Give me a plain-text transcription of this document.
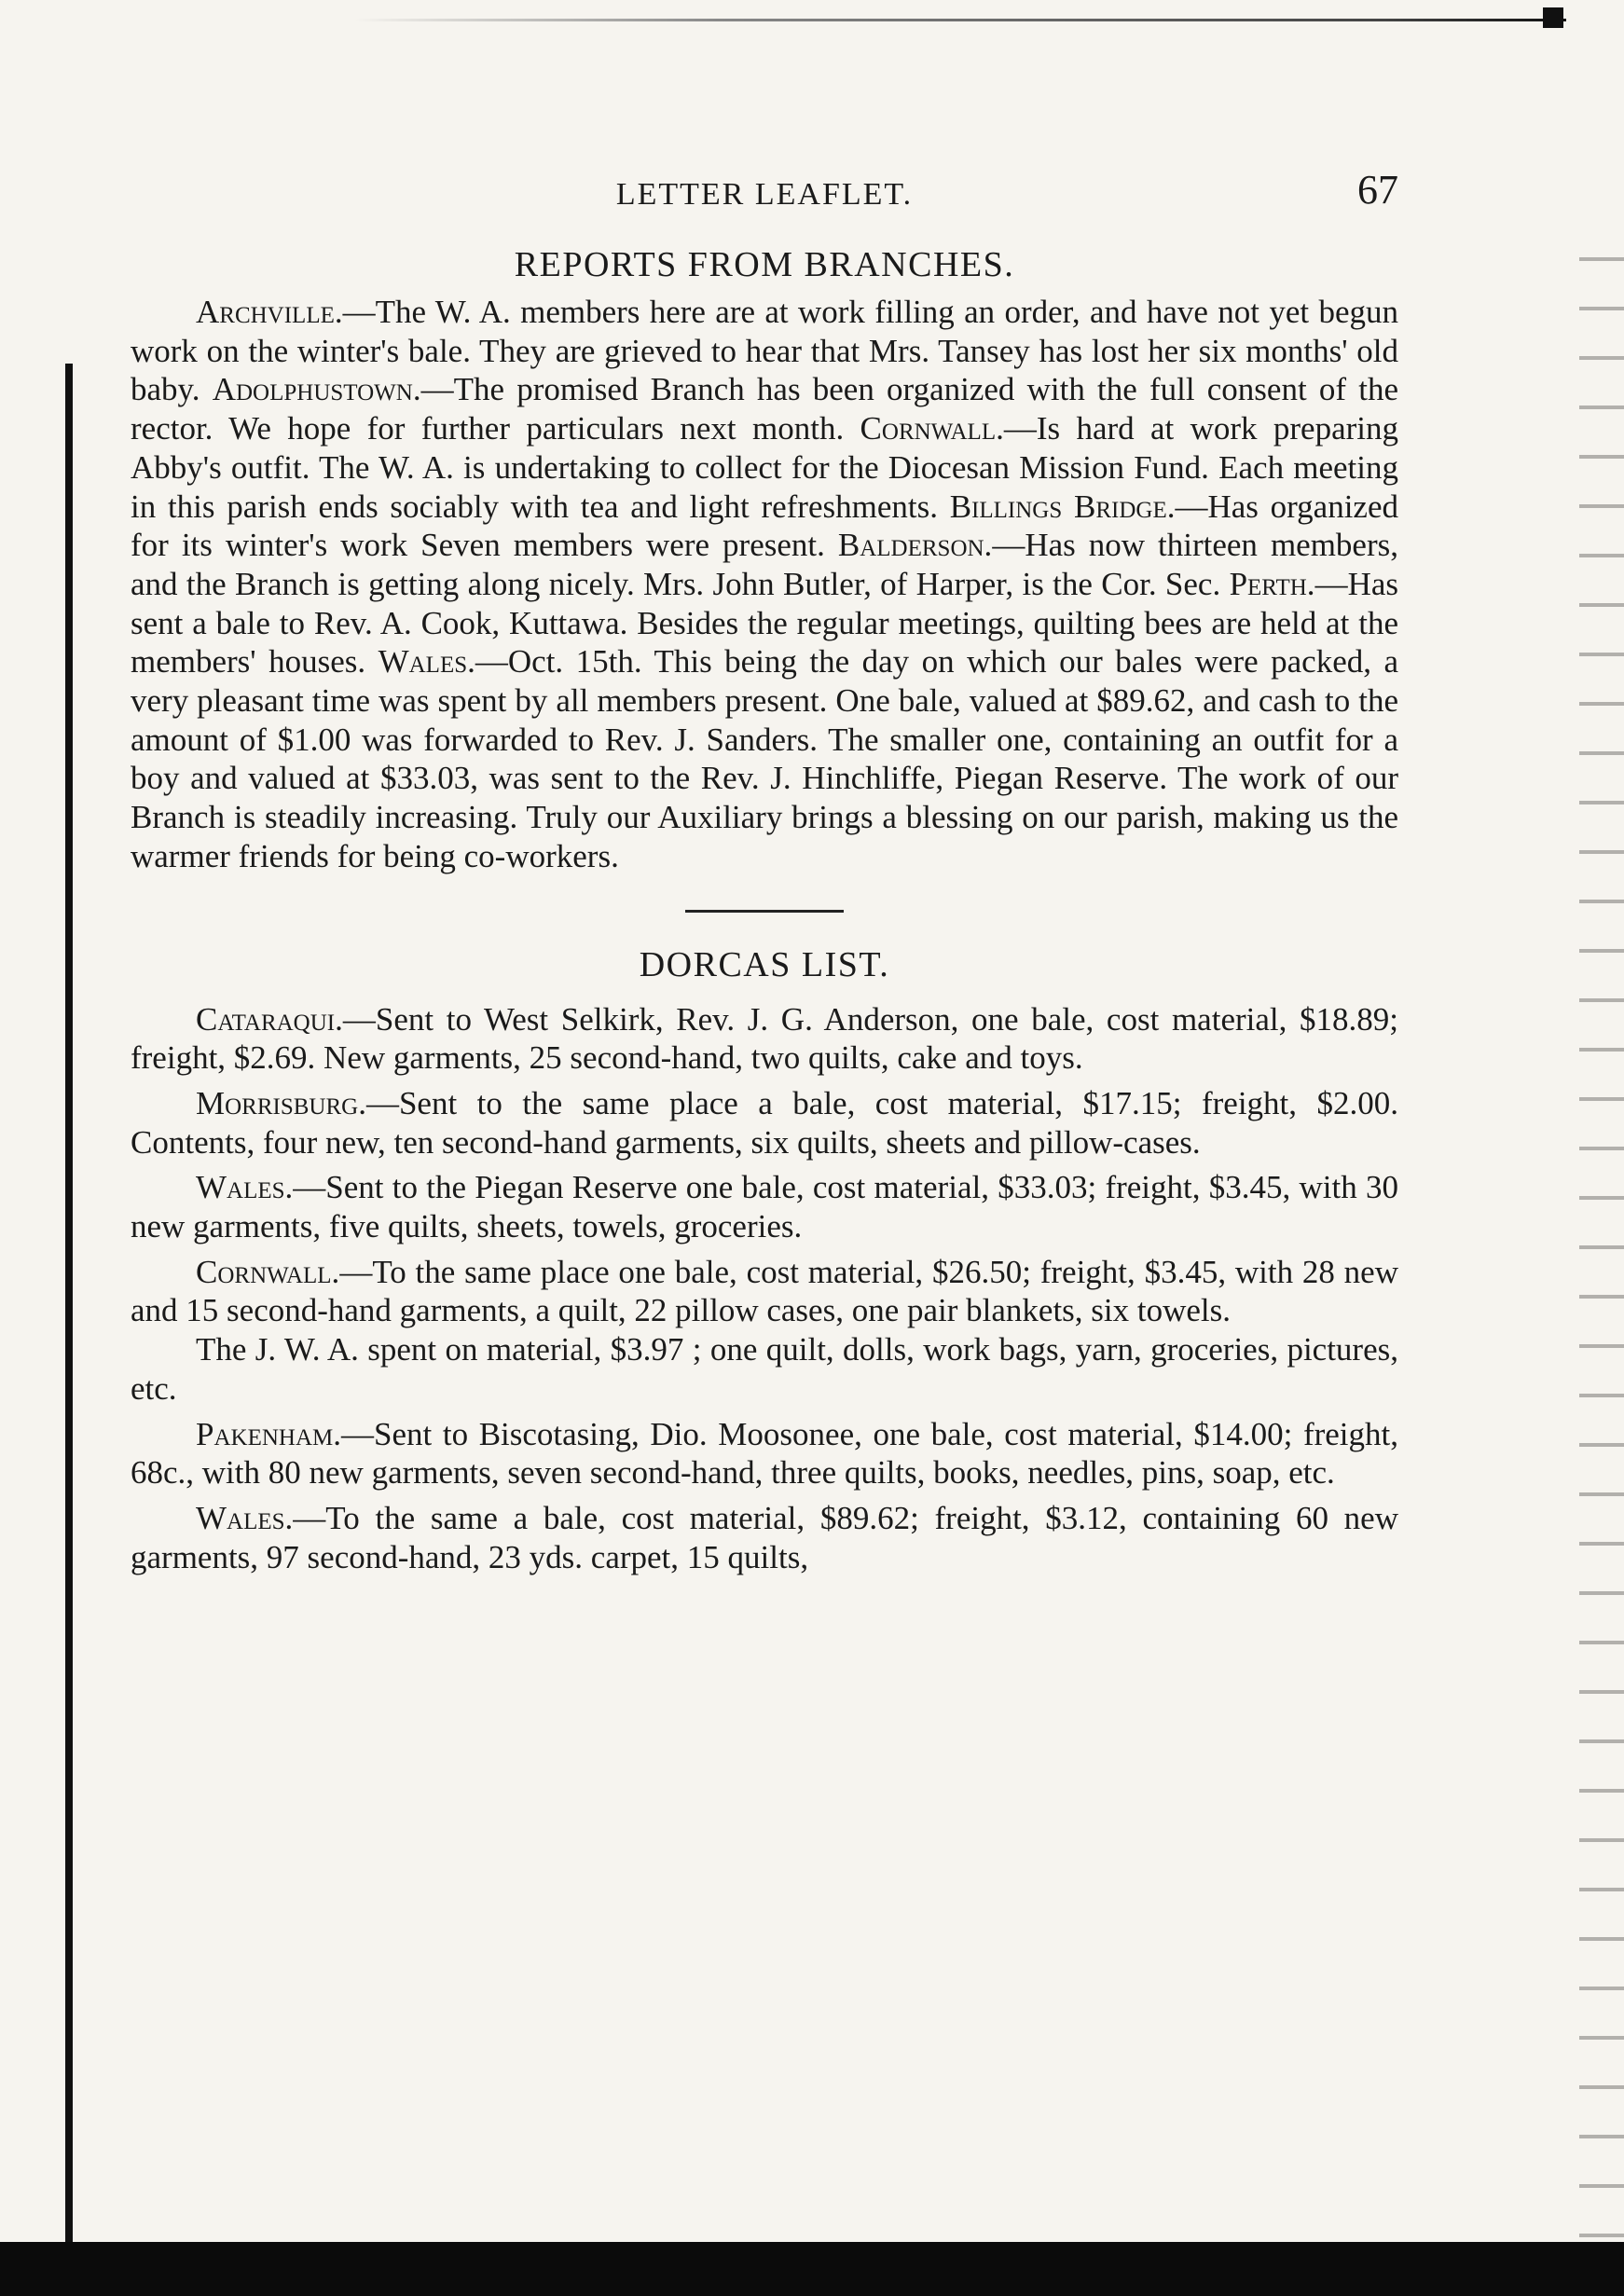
LETTER LEAFLET.	67
REPORTS FROM BRANCHES.

Archville.—The W. A. members here are at work filling an order, and have not yet begun work on the winter's bale. They are grieved to hear that Mrs. Tansey has lost her six months' old baby. Adolphustown.—The promised Branch has been organized with the full consent of the rector. We hope for further particulars next month. Cornwall.—Is hard at work preparing Abby's outfit. The W. A. is undertaking to collect for the Diocesan Mission Fund. Each meeting in this parish ends sociably with tea and light refreshments. Billings Bridge.—Has organized for its winter's work Seven members were present. Balderson.—Has now thirteen members, and the Branch is getting along nicely. Mrs. John Butler, of Harper, is the Cor. Sec. Perth.—Has sent a bale to Rev. A. Cook, Kuttawa. Besides the regular meetings, quilting bees are held at the members' houses. Wales.—Oct. 15th. This being the day on which our bales were packed, a very pleasant time was spent by all members present. One bale, valued at $89.62, and cash to the amount of $1.00 was forwarded to Rev. J. Sanders. The smaller one, containing an outfit for a boy and valued at $33.03, was sent to the Rev. J. Hinchliffe, Piegan Reserve. The work of our Branch is steadily increasing. Truly our Auxiliary brings a blessing on our parish, making us the warmer friends for being co-workers.

DORCAS LIST.

Cataraqui.—Sent to West Selkirk, Rev. J. G. Anderson, one bale, cost material, $18.89; freight, $2.69. New garments, 25 second-hand, two quilts, cake and toys.

Morrisburg.—Sent to the same place a bale, cost material, $17.15; freight, $2.00. Contents, four new, ten second-hand garments, six quilts, sheets and pillow-cases.

Wales.—Sent to the Piegan Reserve one bale, cost material, $33.03; freight, $3.45, with 30 new garments, five quilts, sheets, towels, groceries.

Cornwall.—To the same place one bale, cost material, $26.50; freight, $3.45, with 28 new and 15 second-hand garments, a quilt, 22 pillow cases, one pair blankets, six towels.

The J. W. A. spent on material, $3.97 ; one quilt, dolls, work bags, yarn, groceries, pictures, etc.

Pakenham.—Sent to Biscotasing, Dio. Moosonee, one bale, cost material, $14.00; freight, 68c., with 80 new garments, seven second-hand, three quilts, books, needles, pins, soap, etc.

Wales.—To the same a bale, cost material, $89.62; freight, $3.12, containing 60 new garments, 97 second-hand, 23 yds. carpet, 15 quilts,
